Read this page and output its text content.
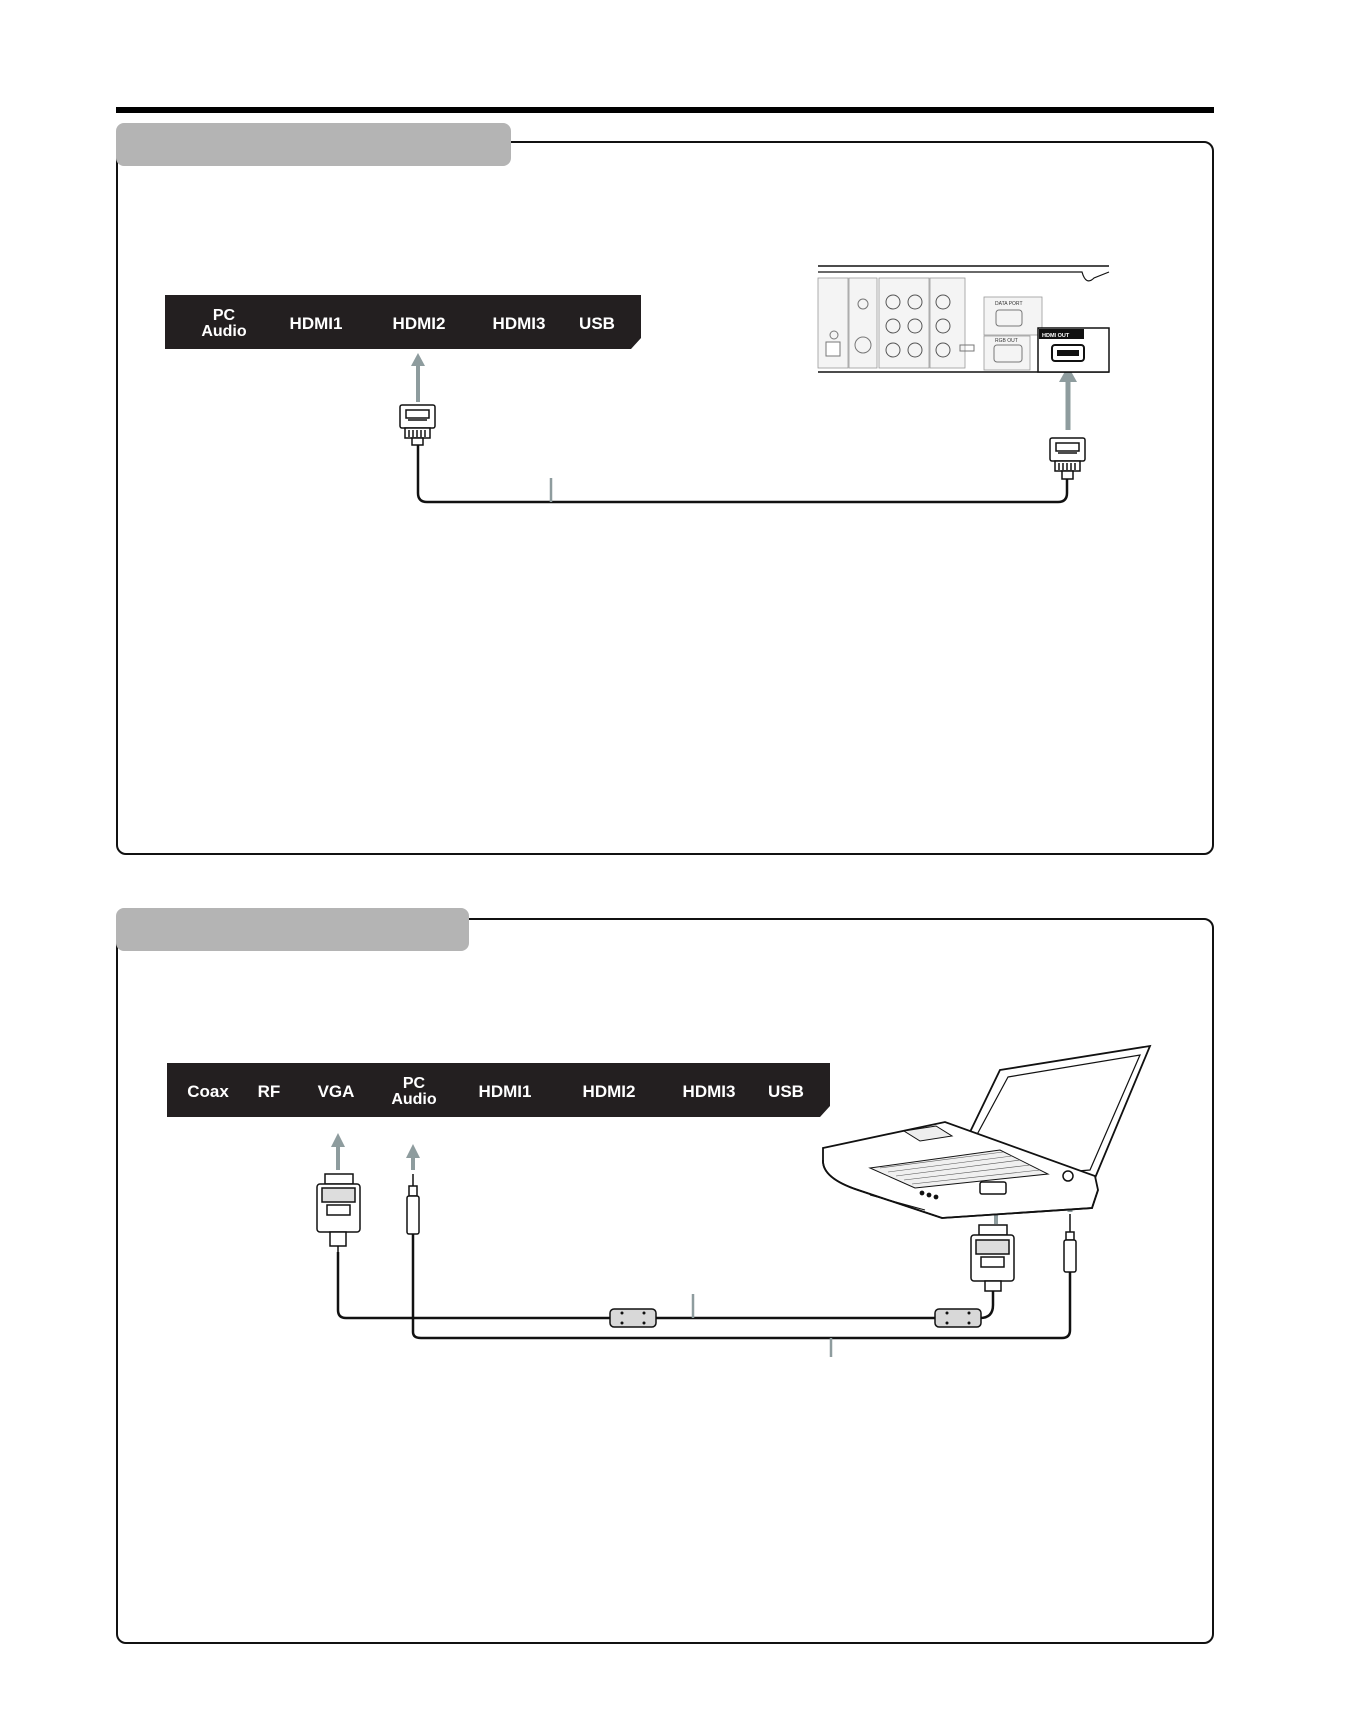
PC
Audio	HDMI1	HDMI2	HDMI3 USB
DATA PORT
RGB OUT
HDMI OUT
Coax RF VGA	PC
Audio HDMI1	HDMI2	HDMI3 USB
